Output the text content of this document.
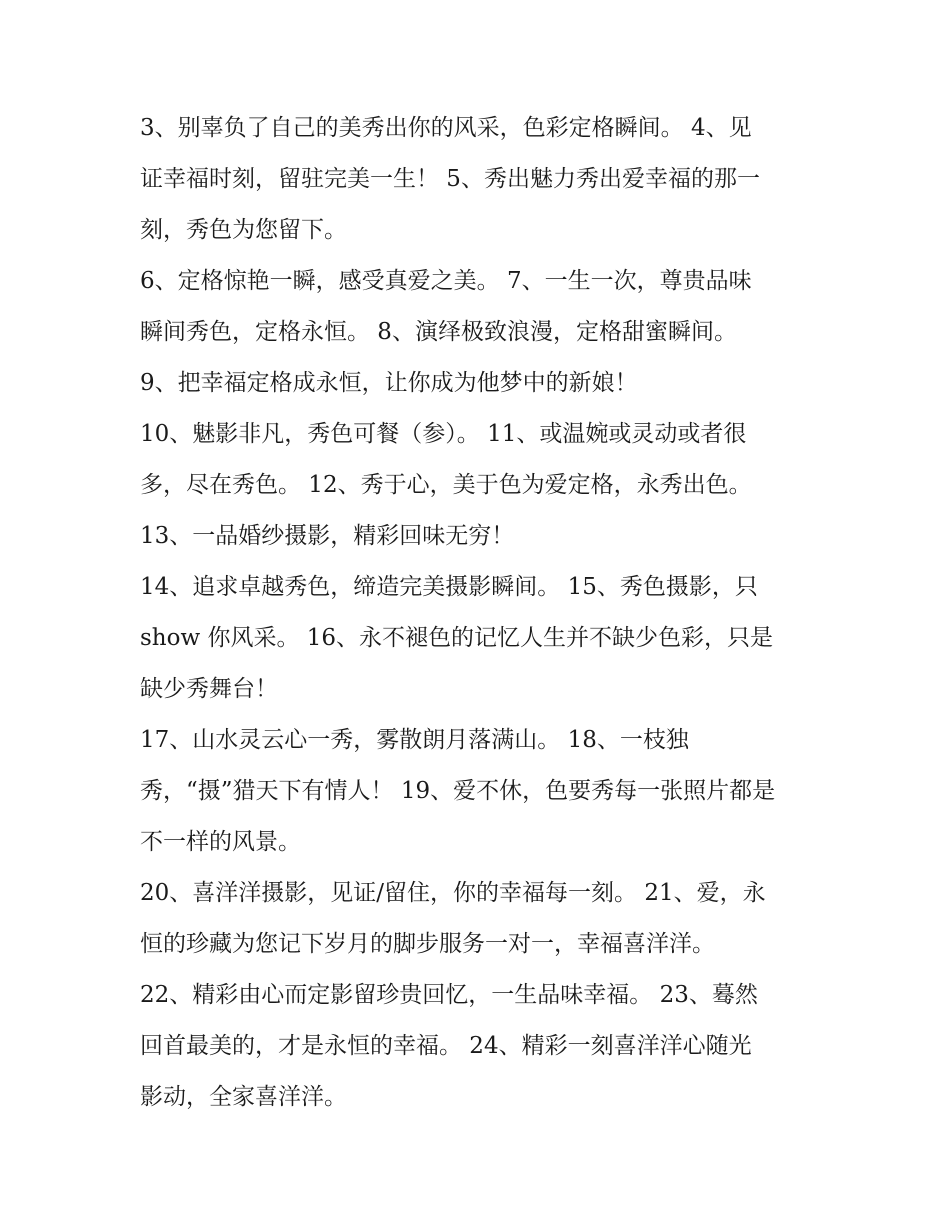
3、别辜负了自己的美秀出你的风采，色彩定格瞬间。 4、见
证幸福时刻，留驻完美一生！ 5、秀出魅力秀出爱幸福的那一
刻，秀色为您留下。
6、定格惊艳一瞬，感受真爱之美。 7、一生一次，尊贵品味
瞬间秀色，定格永恒。 8、演绎极致浪漫，定格甜蜜瞬间。
9、把幸福定格成永恒，让你成为他梦中的新娘！
10、魅影非凡，秀色可餐（参）。 11、或温婉或灵动或者很
多，尽在秀色。 12、秀于心，美于色为爱定格，永秀出色。
13、一品婚纱摄影，精彩回味无穷！
14、追求卓越秀色，缔造完美摄影瞬间。 15、秀色摄影，只
show 你风采。 16、永不褪色的记忆人生并不缺少色彩，只是
缺少秀舞台！
17、山水灵云心一秀，雾散朗月落满山。 18、一枝独
秀，“摄”猎天下有情人！ 19、爱不休，色要秀每一张照片都是
不一样的风景。
20、喜洋洋摄影，见证/留住，你的幸福每一刻。 21、爱，永
恒的珍藏为您记下岁月的脚步服务一对一，幸福喜洋洋。
22、精彩由心而定影留珍贵回忆，一生品味幸福。 23、蓦然
回首最美的，才是永恒的幸福。 24、精彩一刻喜洋洋心随光
影动，全家喜洋洋。
